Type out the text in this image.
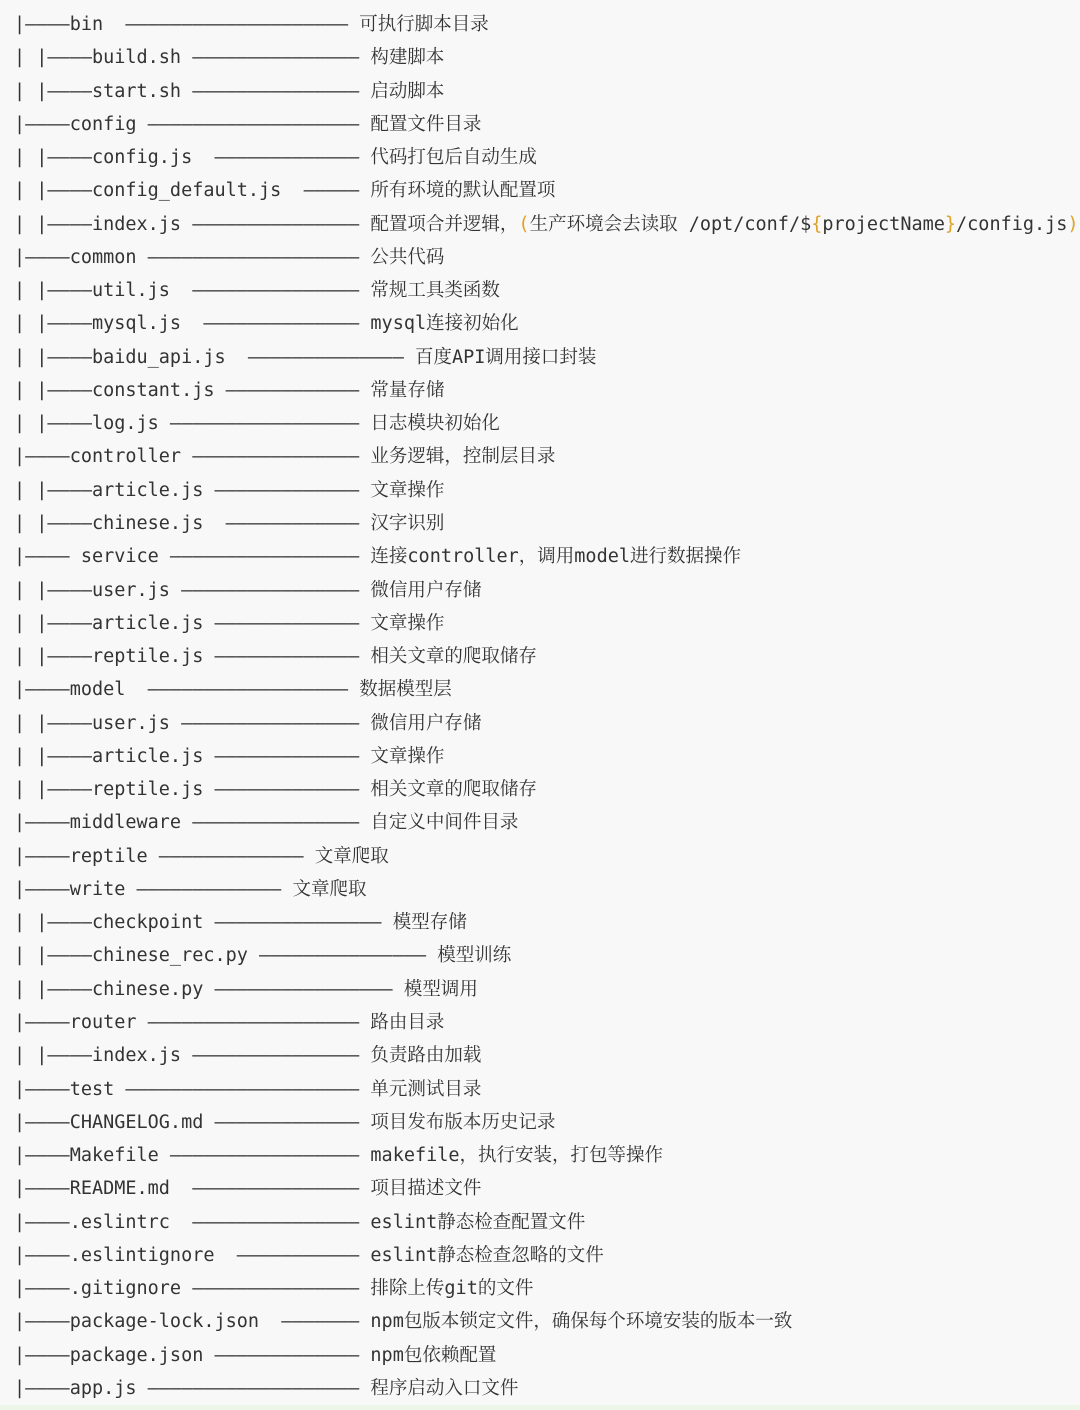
|————bin  ———————————————————— 可执行脚本目录
| |————build.sh ——————————————— 构建脚本
| |————start.sh ——————————————— 启动脚本
|————config ——————————————————— 配置文件目录
| |————config.js  ————————————— 代码打包后自动生成
| |————config_default.js  ————— 所有环境的默认配置项
| |————index.js ——————————————— 配置项合并逻辑，(生产环境会去读取 /opt/conf/${projectName}/config.js)
|————common ——————————————————— 公共代码
| |————util.js  ——————————————— 常规工具类函数
| |————mysql.js  —————————————— mysql连接初始化
| |————baidu_api.js  —————————————— 百度API调用接口封装
| |————constant.js ———————————— 常量存储
| |————log.js ————————————————— 日志模块初始化
|————controller ——————————————— 业务逻辑，控制层目录
| |————article.js ————————————— 文章操作
| |————chinese.js  ———————————— 汉字识别
|———— service ————————————————— 连接controller，调用model进行数据操作
| |————user.js ———————————————— 微信用户存储
| |————article.js ————————————— 文章操作
| |————reptile.js ————————————— 相关文章的爬取储存
|————model  —————————————————— 数据模型层
| |————user.js ———————————————— 微信用户存储
| |————article.js ————————————— 文章操作
| |————reptile.js ————————————— 相关文章的爬取储存
|————middleware ——————————————— 自定义中间件目录
|————reptile ————————————— 文章爬取
|————write ————————————— 文章爬取
| |————checkpoint ——————————————— 模型存储
| |————chinese_rec.py ——————————————— 模型训练
| |————chinese.py ———————————————— 模型调用
|————router ——————————————————— 路由目录
| |————index.js ——————————————— 负责路由加载
|————test ————————————————————— 单元测试目录
|————CHANGELOG.md ————————————— 项目发布版本历史记录
|————Makefile ————————————————— makefile，执行安装，打包等操作
|————README.md  ——————————————— 项目描述文件
|————.eslintrc  ——————————————— eslint静态检查配置文件
|————.eslintignore  ——————————— eslint静态检查忽略的文件
|————.gitignore ——————————————— 排除上传git的文件
|————package-lock.json  ——————— npm包版本锁定文件，确保每个环境安装的版本一致
|————package.json ————————————— npm包依赖配置
|————app.js ——————————————————— 程序启动入口文件
